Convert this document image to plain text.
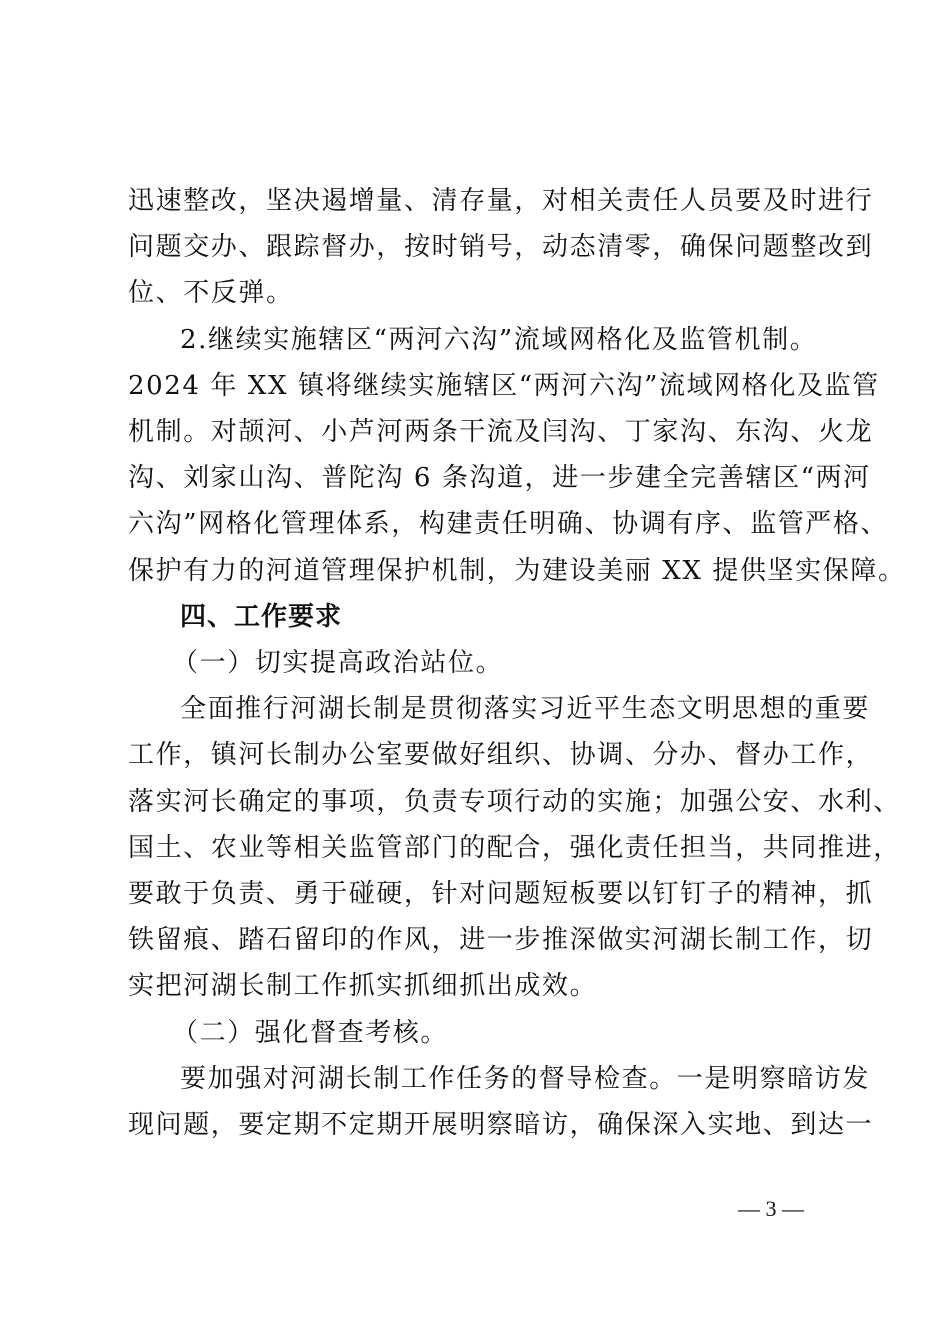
迅速整改，坚决遏增量、清存量，对相关责任人员要及时进行
问题交办、跟踪督办，按时销号，动态清零，确保问题整改到
位、不反弹。
2.继续实施辖区“两河六沟”流域网格化及监管机制。
2024 年 XX 镇将继续实施辖区“两河六沟”流域网格化及监管
机制。对颉河、小芦河两条干流及闫沟、丁家沟、东沟、火龙
沟、刘家山沟、普陀沟 6 条沟道，进一步建全完善辖区“两河
六沟”网格化管理体系，构建责任明确、协调有序、监管严格、
保护有力的河道管理保护机制，为建设美丽 XX 提供坚实保障。
四、工作要求
（一）切实提高政治站位。
全面推行河湖长制是贯彻落实习近平生态文明思想的重要
工作，镇河长制办公室要做好组织、协调、分办、督办工作，
落实河长确定的事项，负责专项行动的实施；加强公安、水利、
国土、农业等相关监管部门的配合，强化责任担当，共同推进，
要敢于负责、勇于碰硬，针对问题短板要以钉钉子的精神，抓
铁留痕、踏石留印的作风，进一步推深做实河湖长制工作，切
实把河湖长制工作抓实抓细抓出成效。
（二）强化督查考核。
要加强对河湖长制工作任务的督导检查。一是明察暗访发
现问题，要定期不定期开展明察暗访，确保深入实地、到达一
— 3 —
